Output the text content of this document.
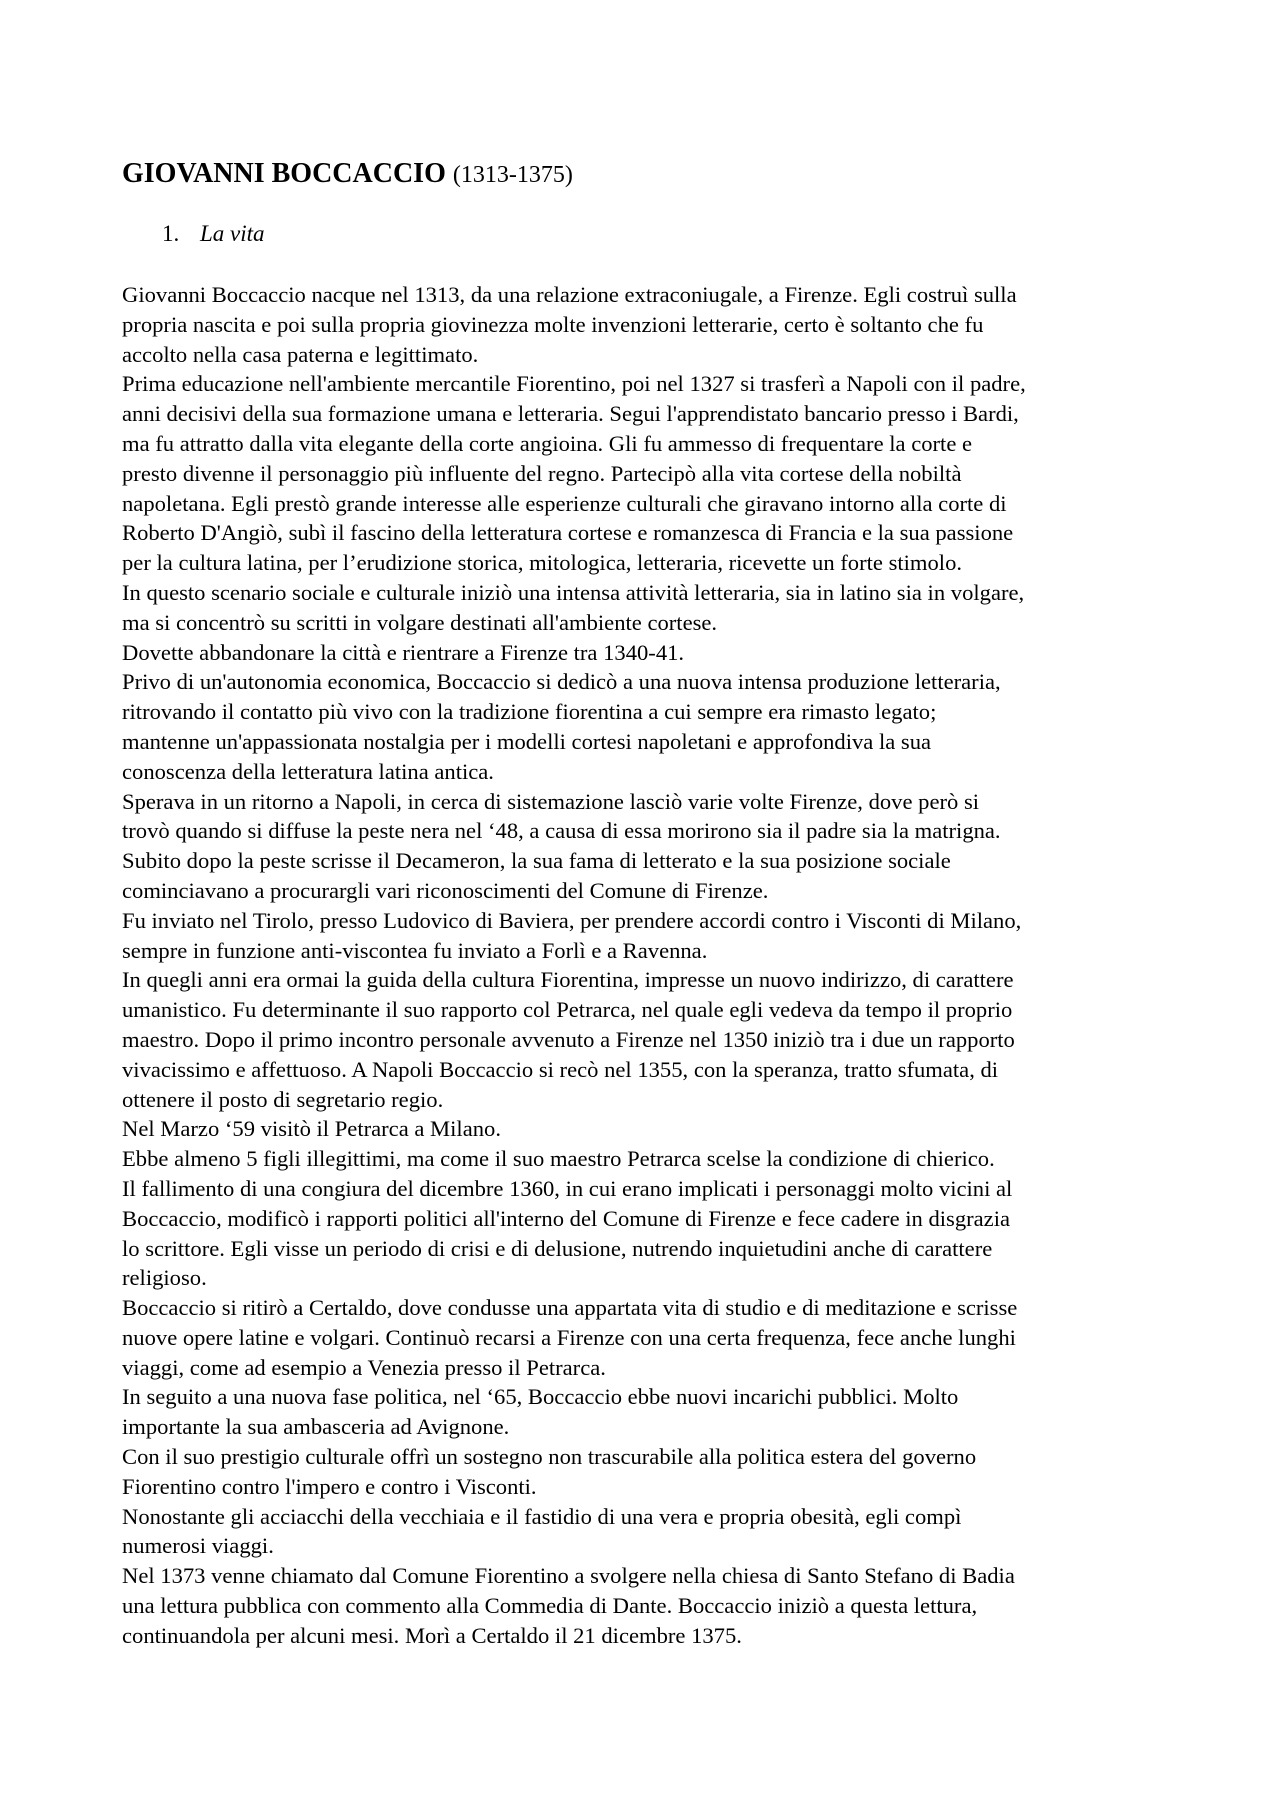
GIOVANNI BOCCACCIO (1313-1375)
1. La vita
Giovanni Boccaccio nacque nel 1313, da una relazione extraconiugale, a Firenze. Egli costruì sulla
propria nascita e poi sulla propria giovinezza molte invenzioni letterarie, certo è soltanto che fu
accolto nella casa paterna e legittimato.
Prima educazione nell'ambiente mercantile Fiorentino, poi nel 1327 si trasferì a Napoli con il padre,
anni decisivi della sua formazione umana e letteraria. Segui l'apprendistato bancario presso i Bardi,
ma fu attratto dalla vita elegante della corte angioina. Gli fu ammesso di frequentare la corte e
presto divenne il personaggio più influente del regno. Partecipò alla vita cortese della nobiltà
napoletana. Egli prestò grande interesse alle esperienze culturali che giravano intorno alla corte di
Roberto D'Angiò, subì il fascino della letteratura cortese e romanzesca di Francia e la sua passione
per la cultura latina, per l’erudizione storica, mitologica, letteraria, ricevette un forte stimolo.
In questo scenario sociale e culturale iniziò una intensa attività letteraria, sia in latino sia in volgare,
ma si concentrò su scritti in volgare destinati all'ambiente cortese.
Dovette abbandonare la città e rientrare a Firenze tra 1340-41.
Privo di un'autonomia economica, Boccaccio si dedicò a una nuova intensa produzione letteraria,
ritrovando il contatto più vivo con la tradizione fiorentina a cui sempre era rimasto legato;
mantenne un'appassionata nostalgia per i modelli cortesi napoletani e approfondiva la sua
conoscenza della letteratura latina antica.
Sperava in un ritorno a Napoli, in cerca di sistemazione lasciò varie volte Firenze, dove però si
trovò quando si diffuse la peste nera nel ‘48, a causa di essa morirono sia il padre sia la matrigna.
Subito dopo la peste scrisse il Decameron, la sua fama di letterato e la sua posizione sociale
cominciavano a procurargli vari riconoscimenti del Comune di Firenze.
Fu inviato nel Tirolo, presso Ludovico di Baviera, per prendere accordi contro i Visconti di Milano,
sempre in funzione anti-viscontea fu inviato a Forlì e a Ravenna.
In quegli anni era ormai la guida della cultura Fiorentina, impresse un nuovo indirizzo, di carattere
umanistico. Fu determinante il suo rapporto col Petrarca, nel quale egli vedeva da tempo il proprio
maestro. Dopo il primo incontro personale avvenuto a Firenze nel 1350 iniziò tra i due un rapporto
vivacissimo e affettuoso. A Napoli Boccaccio si recò nel 1355, con la speranza, tratto sfumata, di
ottenere il posto di segretario regio.
Nel Marzo ‘59 visitò il Petrarca a Milano.
Ebbe almeno 5 figli illegittimi, ma come il suo maestro Petrarca scelse la condizione di chierico.
Il fallimento di una congiura del dicembre 1360, in cui erano implicati i personaggi molto vicini al
Boccaccio, modificò i rapporti politici all'interno del Comune di Firenze e fece cadere in disgrazia
lo scrittore. Egli visse un periodo di crisi e di delusione, nutrendo inquietudini anche di carattere
religioso.
Boccaccio si ritirò a Certaldo, dove condusse una appartata vita di studio e di meditazione e scrisse
nuove opere latine e volgari. Continuò recarsi a Firenze con una certa frequenza, fece anche lunghi
viaggi, come ad esempio a Venezia presso il Petrarca.
In seguito a una nuova fase politica, nel ‘65, Boccaccio ebbe nuovi incarichi pubblici. Molto
importante la sua ambasceria ad Avignone.
Con il suo prestigio culturale offrì un sostegno non trascurabile alla politica estera del governo
Fiorentino contro l'impero e contro i Visconti.
Nonostante gli acciacchi della vecchiaia e il fastidio di una vera e propria obesità, egli compì
numerosi viaggi.
Nel 1373 venne chiamato dal Comune Fiorentino a svolgere nella chiesa di Santo Stefano di Badia
una lettura pubblica con commento alla Commedia di Dante. Boccaccio iniziò a questa lettura,
continuandola per alcuni mesi. Morì a Certaldo il 21 dicembre 1375.
